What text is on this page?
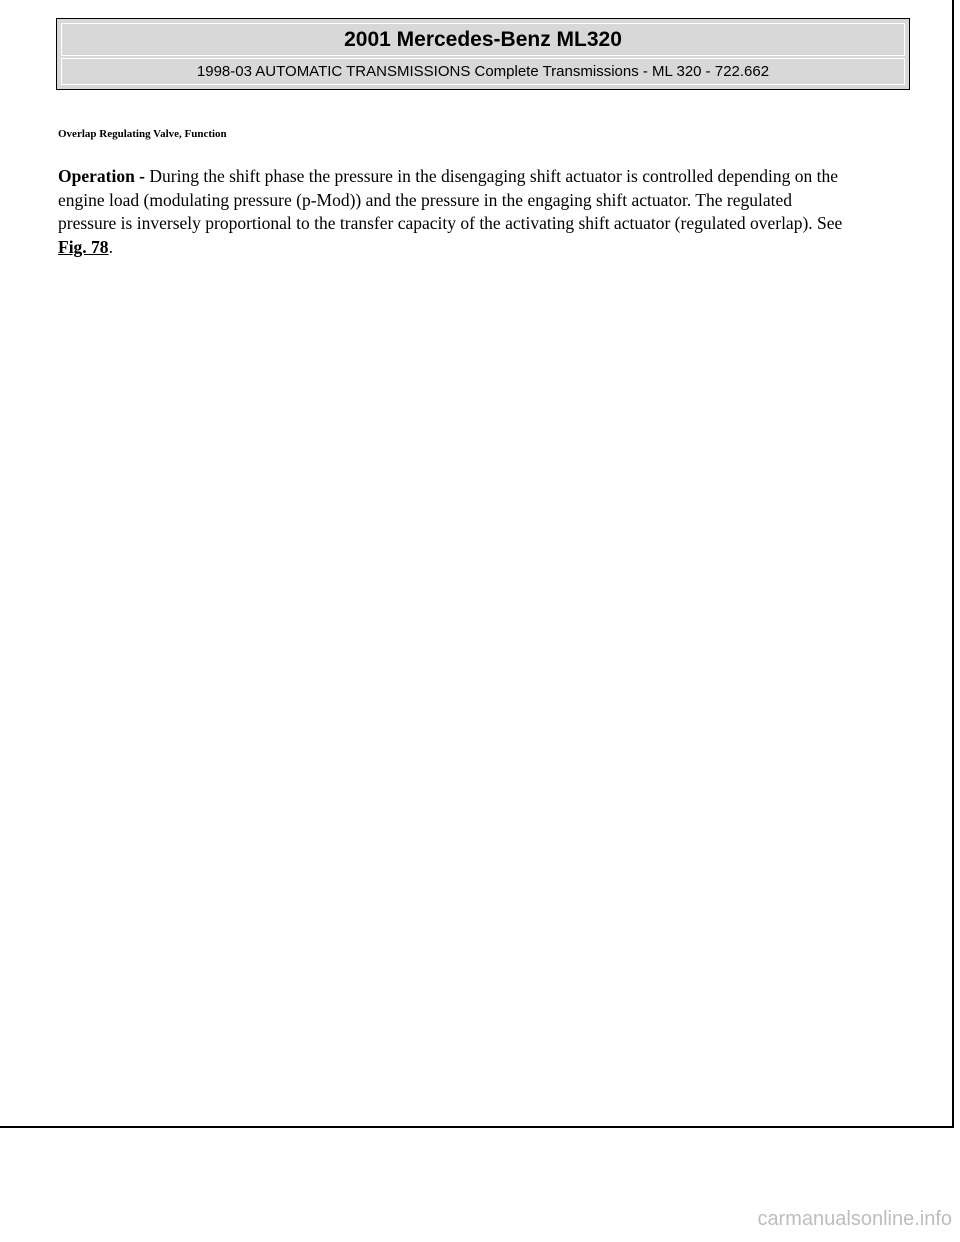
2001 Mercedes-Benz ML320
1998-03 AUTOMATIC TRANSMISSIONS Complete Transmissions - ML 320 - 722.662
Overlap Regulating Valve, Function

Operation - During the shift phase the pressure in the disengaging shift actuator is controlled depending on the
engine load (modulating pressure (p-Mod)) and the pressure in the engaging shift actuator. The regulated
pressure is inversely proportional to the transfer capacity of the activating shift actuator (regulated overlap). See
Fig. 78.

carmanualsonline.info
